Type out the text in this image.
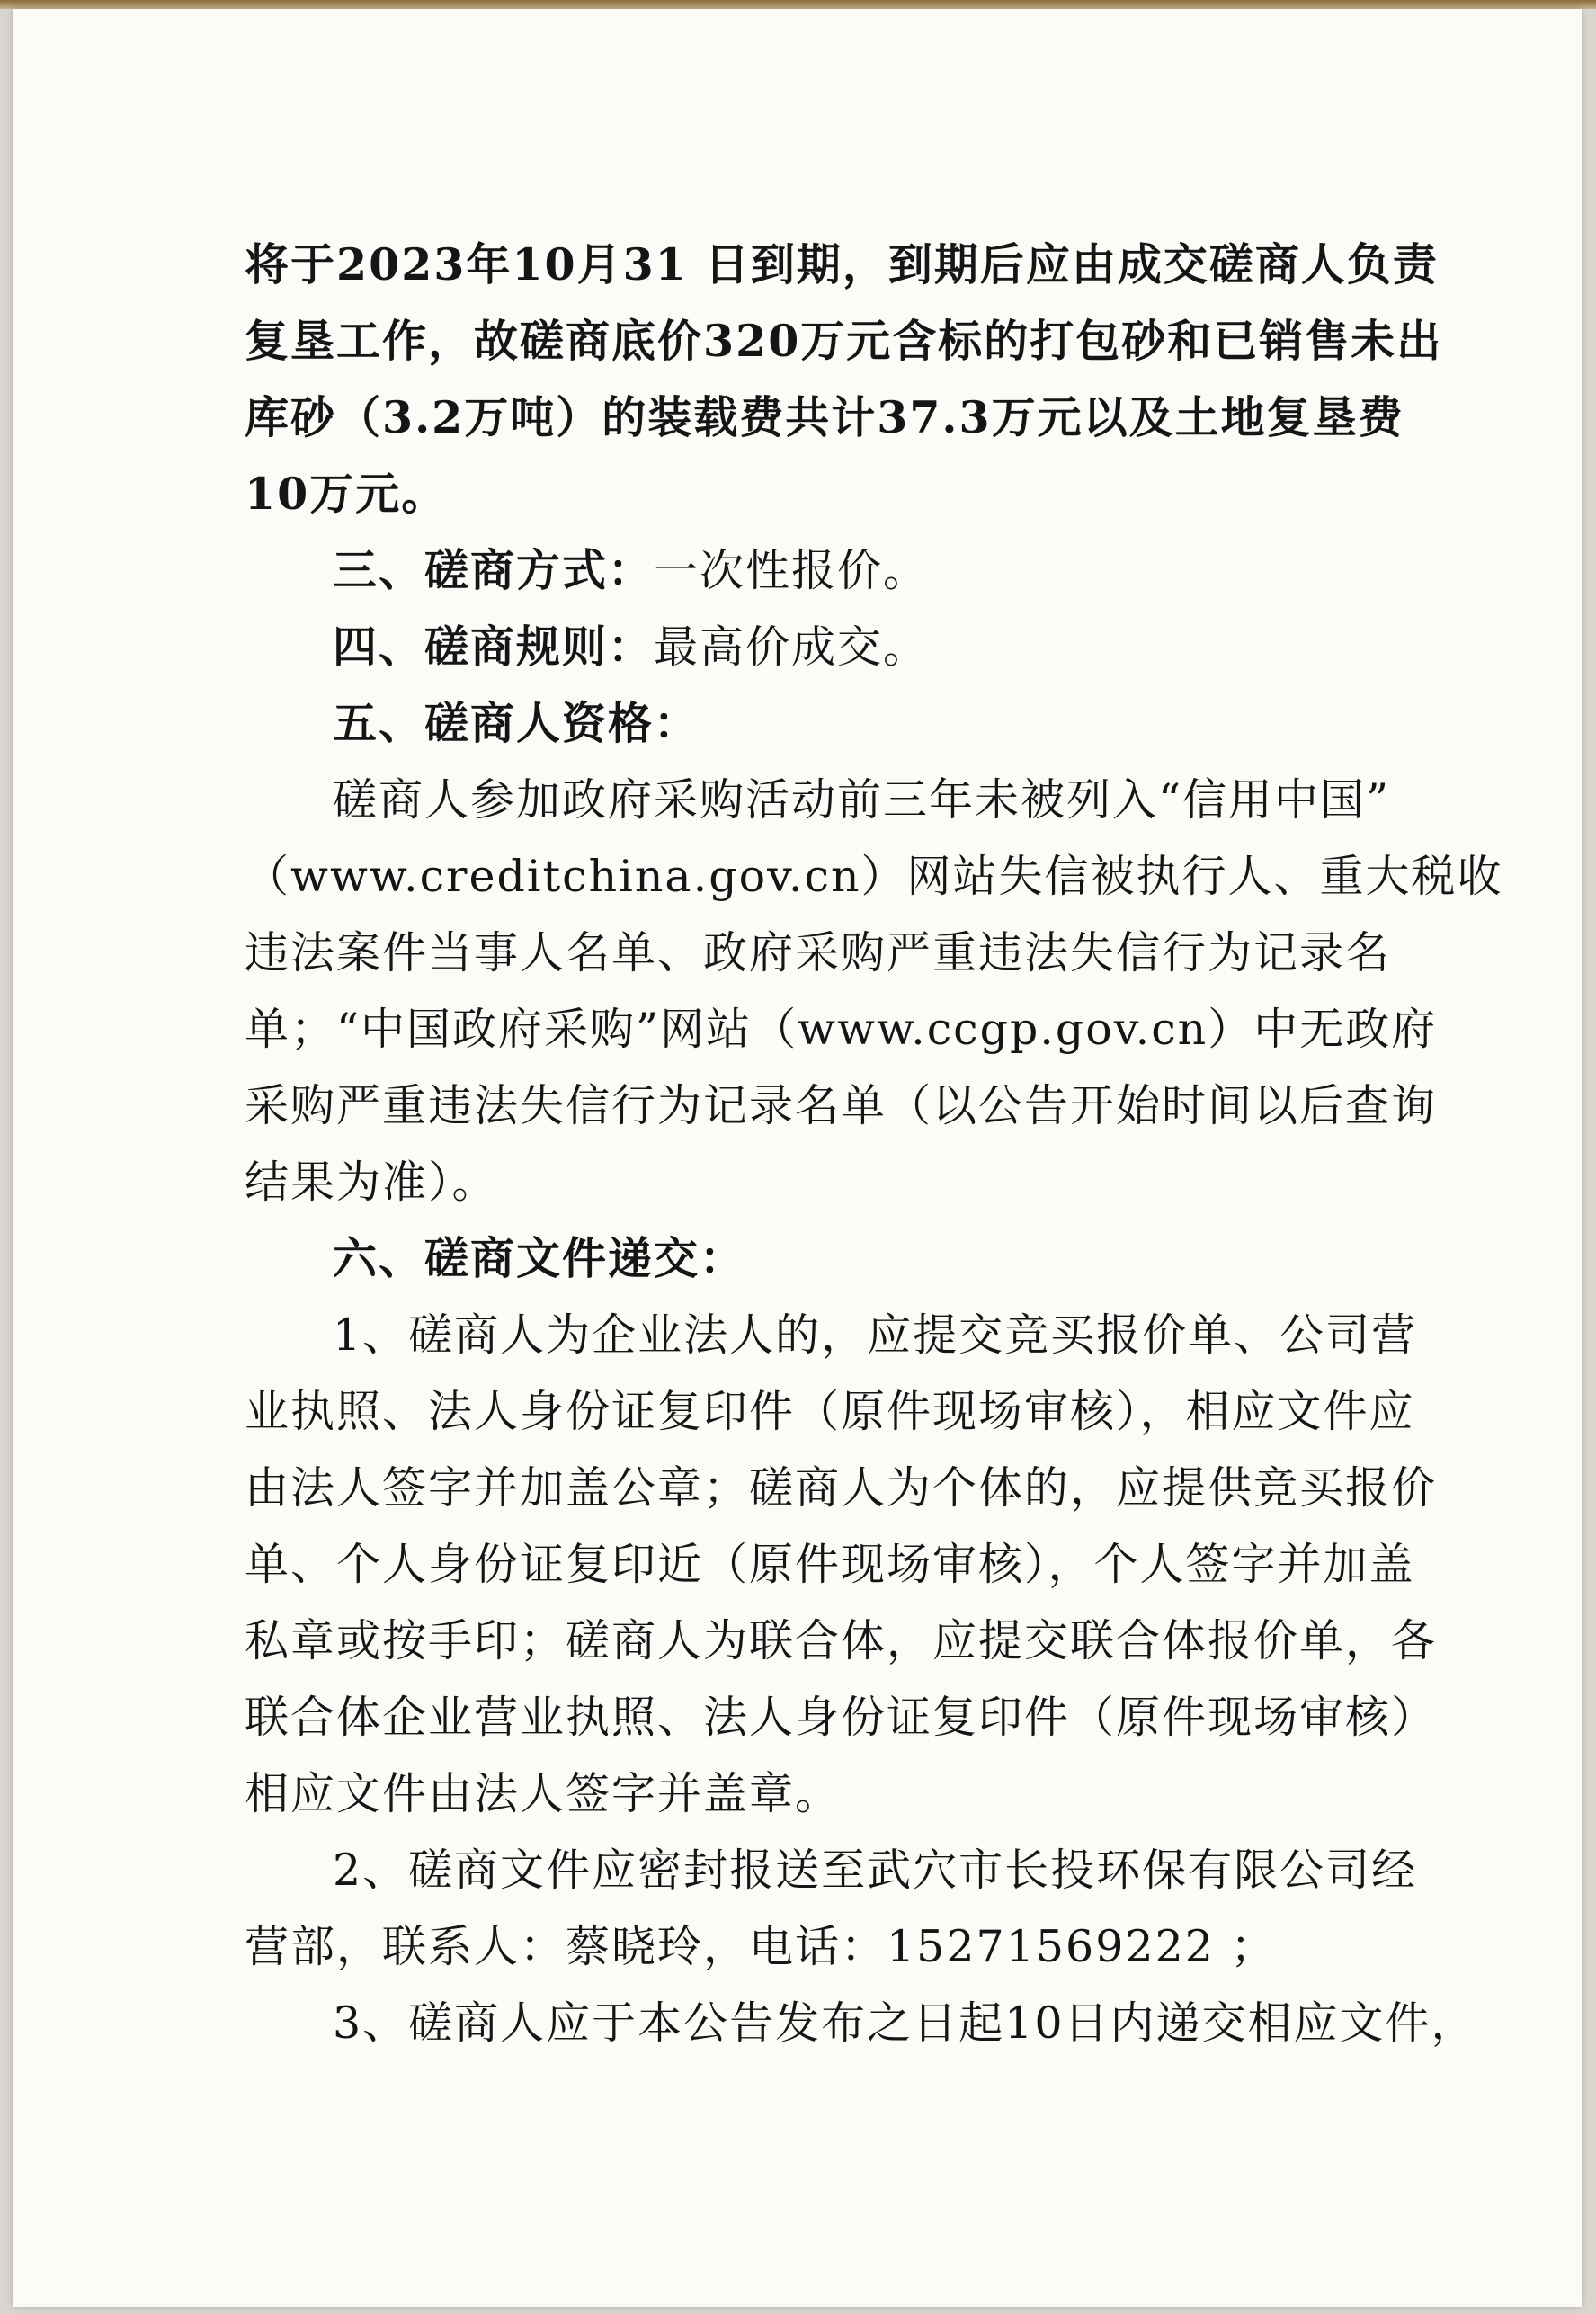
将于2023年10月31 日到期，到期后应由成交磋商人负责
复垦工作，故磋商底价320万元含标的打包砂和已销售未出
库砂（3.2万吨）的装载费共计37.3万元以及土地复垦费
10万元。
三、磋商方式：一次性报价。
四、磋商规则：最高价成交。
五、磋商人资格：
磋商人参加政府采购活动前三年未被列入“信用中国”
（www.creditchina.gov.cn）网站失信被执行人、重大税收
违法案件当事人名单、政府采购严重违法失信行为记录名
单；“中国政府采购”网站（www.ccgp.gov.cn）中无政府
采购严重违法失信行为记录名单（以公告开始时间以后查询
结果为准）。
六、磋商文件递交：
1、磋商人为企业法人的，应提交竞买报价单、公司营
业执照、法人身份证复印件（原件现场审核），相应文件应
由法人签字并加盖公章；磋商人为个体的，应提供竞买报价
单、个人身份证复印近（原件现场审核），个人签字并加盖
私章或按手印；磋商人为联合体，应提交联合体报价单，各
联合体企业营业执照、法人身份证复印件（原件现场审核）
相应文件由法人签字并盖章。
2、磋商文件应密封报送至武穴市长投环保有限公司经
营部，联系人：蔡晓玲，电话：15271569222 ；
3、磋商人应于本公告发布之日起10日内递交相应文件，
